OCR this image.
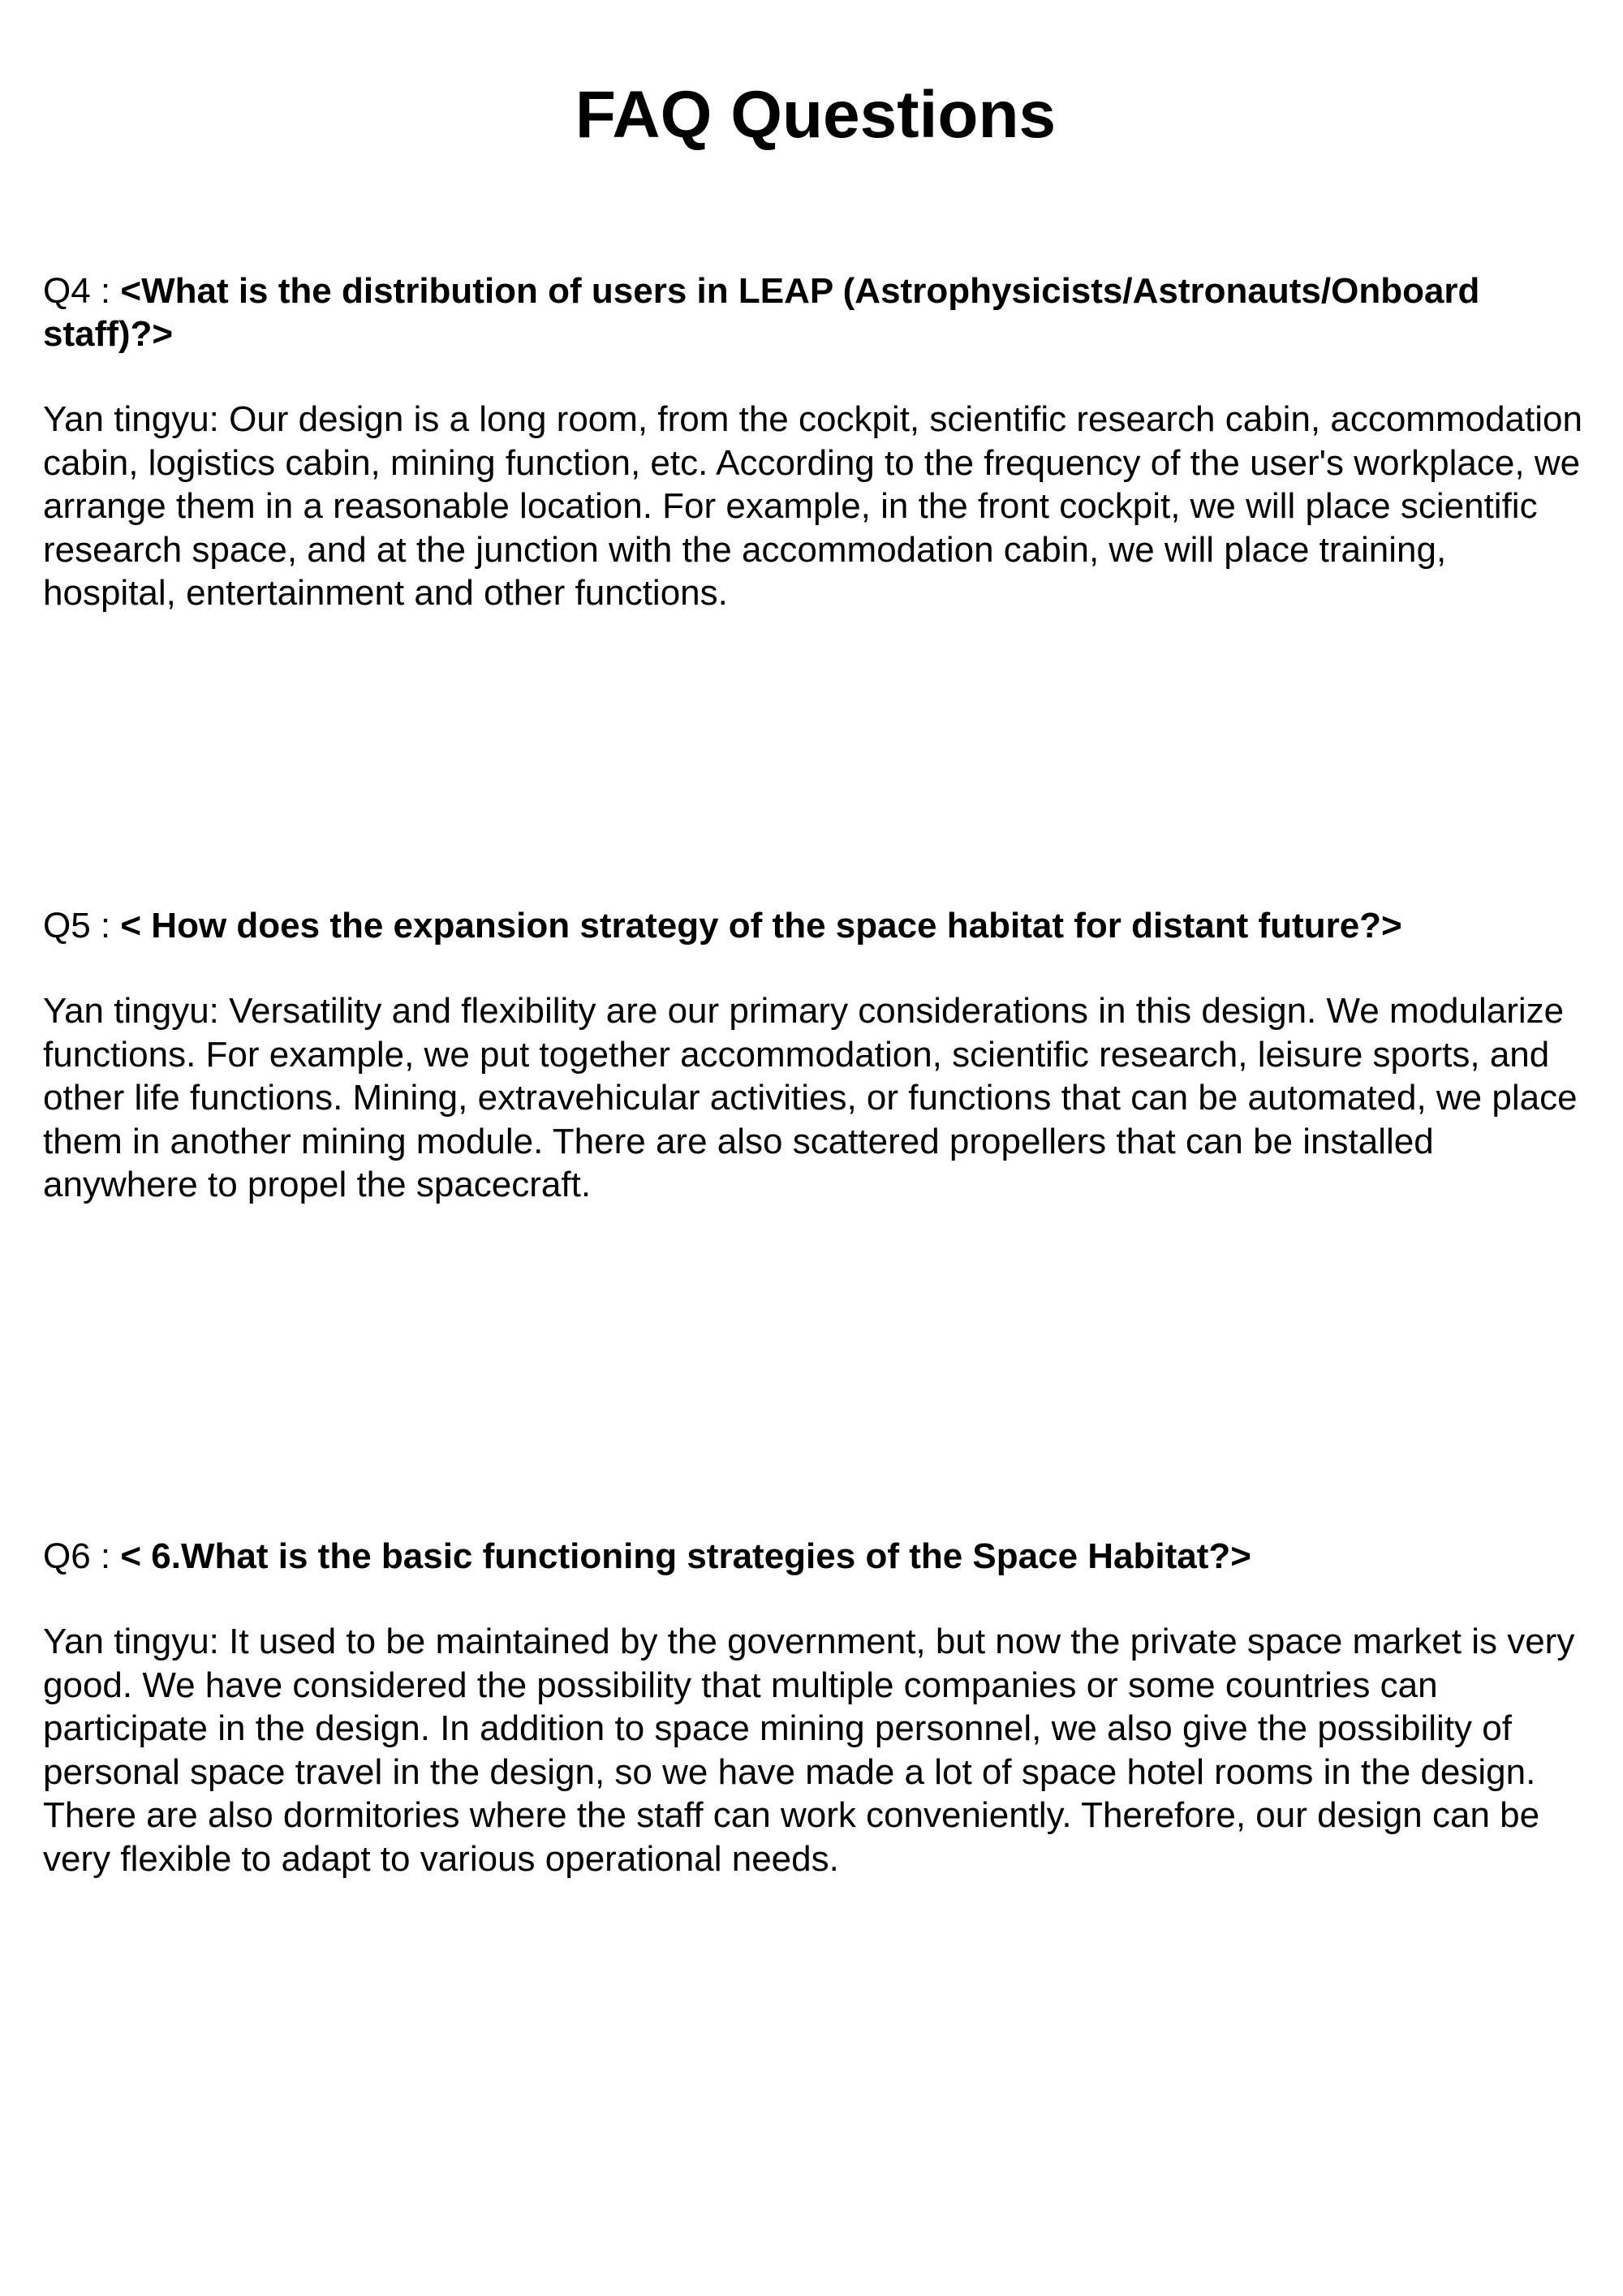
FAQ Questions

Q4 : <What is the distribution of users in LEAP (Astrophysicists/Astronauts/Onboard staff)?>

Yan tingyu: Our design is a long room, from the cockpit, scientific research cabin, accommodation cabin, logistics cabin, mining function, etc. According to the frequency of the user's workplace, we arrange them in a reasonable location. For example, in the front cockpit, we will place scientific research space, and at the junction with the accommodation cabin, we will place training, hospital, entertainment and other functions.

Q5 : < How does the expansion strategy of the space habitat for distant future?>

Yan tingyu: Versatility and flexibility are our primary considerations in this design. We modularize functions. For example, we put together accommodation, scientific research, leisure sports, and other life functions. Mining, extravehicular activities, or functions that can be automated, we place them in another mining module. There are also scattered propellers that can be installed anywhere to propel the spacecraft.

Q6 : < 6.What is the basic functioning strategies of the Space Habitat?>

Yan tingyu: It used to be maintained by the government, but now the private space market is very good. We have considered the possibility that multiple companies or some countries can participate in the design. In addition to space mining personnel, we also give the possibility of personal space travel in the design, so we have made a lot of space hotel rooms in the design. There are also dormitories where the staff can work conveniently. Therefore, our design can be very flexible to adapt to various operational needs.
